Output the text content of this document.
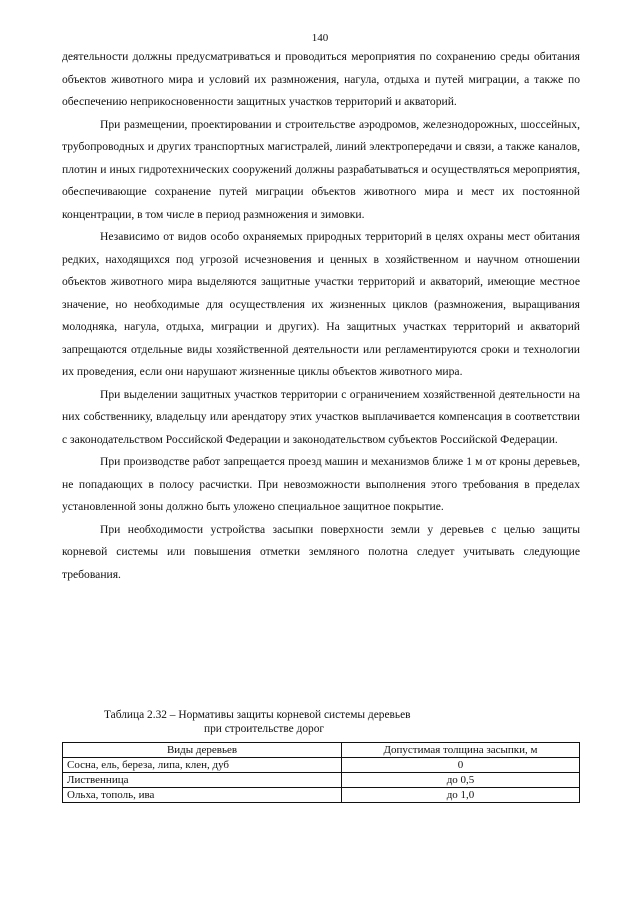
140

деятельности должны предусматриваться и проводиться мероприятия по сохранению среды обитания объектов животного мира и условий их размножения, нагула, отдыха и путей миграции, а также по обеспечению неприкосновенности защитных участков территорий и акваторий.

При размещении, проектировании и строительстве аэродромов, железнодорожных, шоссейных, трубопроводных и других транспортных магистралей, линий электропередачи и связи, а также каналов, плотин и иных гидротехнических сооружений должны разрабатываться и осуществляться мероприятия, обеспечивающие сохранение путей миграции объектов животного мира и мест их постоянной концентрации, в том числе в период размножения и зимовки.

Независимо от видов особо охраняемых природных территорий в целях охраны мест обитания редких, находящихся под угрозой исчезновения и ценных в хозяйственном и научном отношении объектов животного мира выделяются защитные участки территорий и акваторий, имеющие местное значение, но необходимые для осуществления их жизненных циклов (размножения, выращивания молодняка, нагула, отдыха, миграции и других). На защитных участках территорий и акваторий запрещаются отдельные виды хозяйственной деятельности или регламентируются сроки и технологии их проведения, если они нарушают жизненные циклы объектов животного мира.

При выделении защитных участков территории с ограничением хозяйственной деятельности на них собственнику, владельцу или арендатору этих участков выплачивается компенсация в соответствии с законодательством Российской Федерации и законодательством субъектов Российской Федерации.

При производстве работ запрещается проезд машин и механизмов ближе 1 м от кроны деревьев, не попадающих в полосу расчистки. При невозможности выполнения этого требования в пределах установленной зоны должно быть уложено специальное защитное покрытие.

При необходимости устройства засыпки поверхности земли у деревьев с целью защиты корневой системы или повышения отметки земляного полотна следует учитывать следующие требования.

Таблица 2.32 – Нормативы защиты корневой системы деревьев
при строительстве дорог
Виды деревьев	Допустимая толщина засыпки, м
Сосна, ель, береза, липа, клен, дуб	0
Лиственница	до 0,5
Ольха, тополь, ива	до 1,0
